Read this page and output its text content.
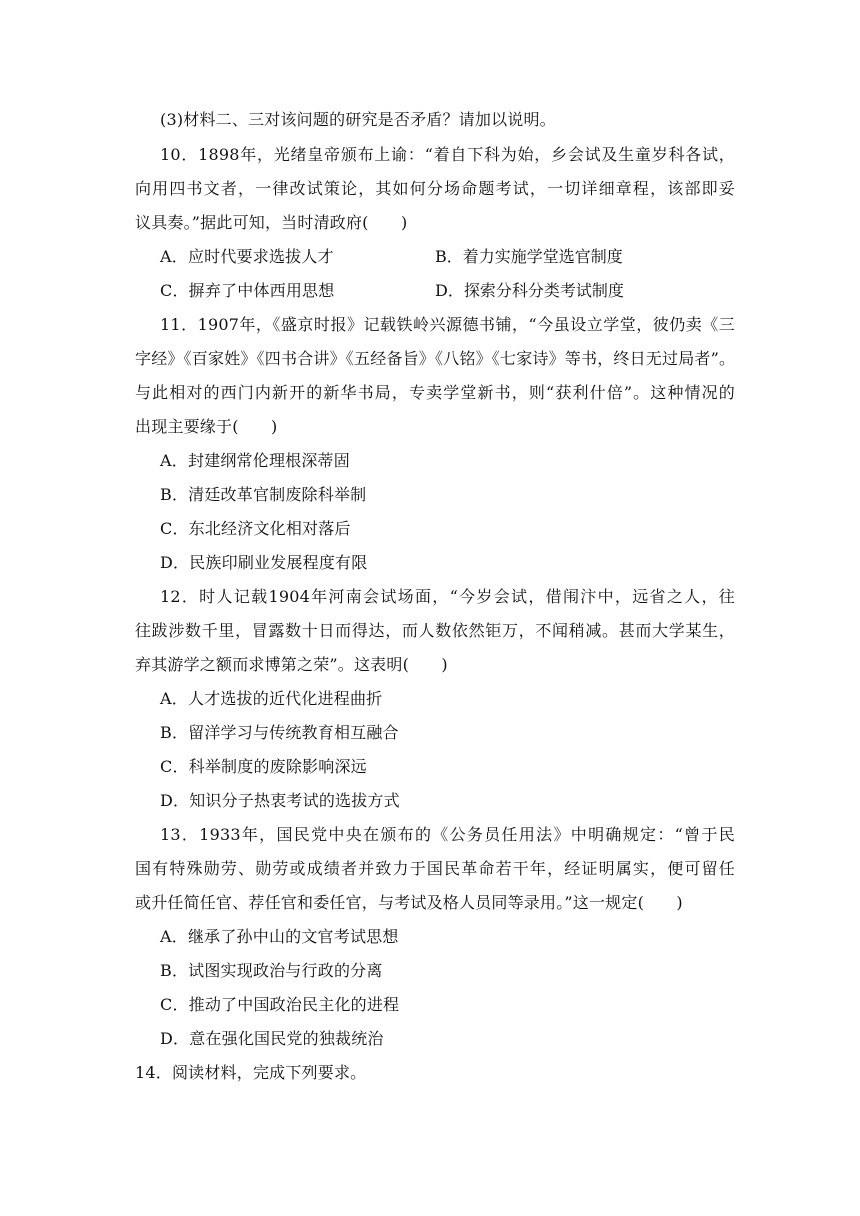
(3)材料二、三对该问题的研究是否矛盾？请加以说明。
10．1898年，光绪皇帝颁布上谕：“着自下科为始，乡会试及生童岁科各试，
向用四书文者，一律改试策论，其如何分场命题考试，一切详细章程，该部即妥
议具奏。”据此可知，当时清政府(　　)
A．应时代要求选拔人才	B．着力实施学堂选官制度
C．摒弃了中体西用思想	D．探索分科分类考试制度
11．1907年，《盛京时报》记载铁岭兴源德书铺，“今虽设立学堂，彼仍卖《三
字经》《百家姓》《四书合讲》《五经备旨》《八铭》《七家诗》等书，终日无过局者”。
与此相对的西门内新开的新华书局，专卖学堂新书，则“获利什倍”。这种情况的
出现主要缘于(　　)
A．封建纲常伦理根深蒂固
B．清廷改革官制废除科举制
C．东北经济文化相对落后
D．民族印刷业发展程度有限
12．时人记载1904年河南会试场面，“今岁会试，借闱汴中，远省之人，往
往跋涉数千里，冒露数十日而得达，而人数依然钜万，不闻稍减。甚而大学某生，
弃其游学之额而求博第之荣”。这表明(　　)
A．人才选拔的近代化进程曲折
B．留洋学习与传统教育相互融合
C．科举制度的废除影响深远
D．知识分子热衷考试的选拔方式
13．1933年，国民党中央在颁布的《公务员任用法》中明确规定：“曾于民
国有特殊勋劳、勋劳或成绩者并致力于国民革命若干年，经证明属实，便可留任
或升任简任官、荐任官和委任官，与考试及格人员同等录用。”这一规定(　　)
A．继承了孙中山的文官考试思想
B．试图实现政治与行政的分离
C．推动了中国政治民主化的进程
D．意在强化国民党的独裁统治
14．阅读材料，完成下列要求。
